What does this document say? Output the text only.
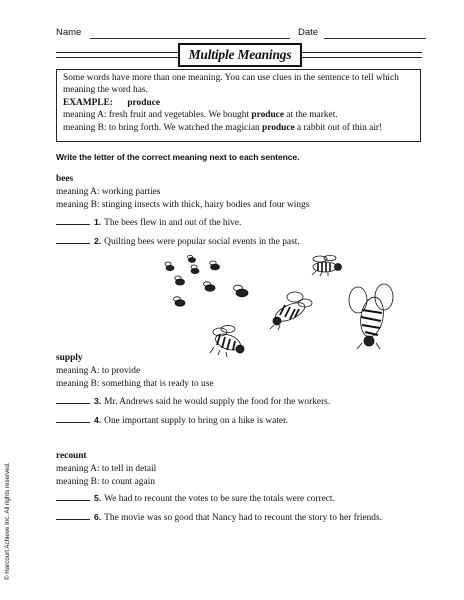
Name	Date
Multiple Meanings
Some words have more than one meaning. You can use clues in the sentence to tell which meaning the word has.
EXAMPLE: produce
meaning A: fresh fruit and vegetables. We bought produce at the market.
meaning B: to bring forth. We watched the magician produce a rabbit out of thin air!
Write the letter of the correct meaning next to each sentence.
bees
meaning A: working parties
meaning B: stinging insects with thick, hairy bodies and four wings
1. The bees flew in and out of the hive.
2. Quilting bees were popular social events in the past.
supply
meaning A: to provide
meaning B: something that is ready to use
3. Mr. Andrews said he would supply the food for the workers.
4. One important supply to bring on a hike is water.
recount
meaning A: to tell in detail
meaning B: to count again
5. We had to recount the votes to be sure the totals were correct.
6. The movie was so good that Nancy had to recount the story to her friends.
© Harcourt Achieve Inc. All rights reserved.
